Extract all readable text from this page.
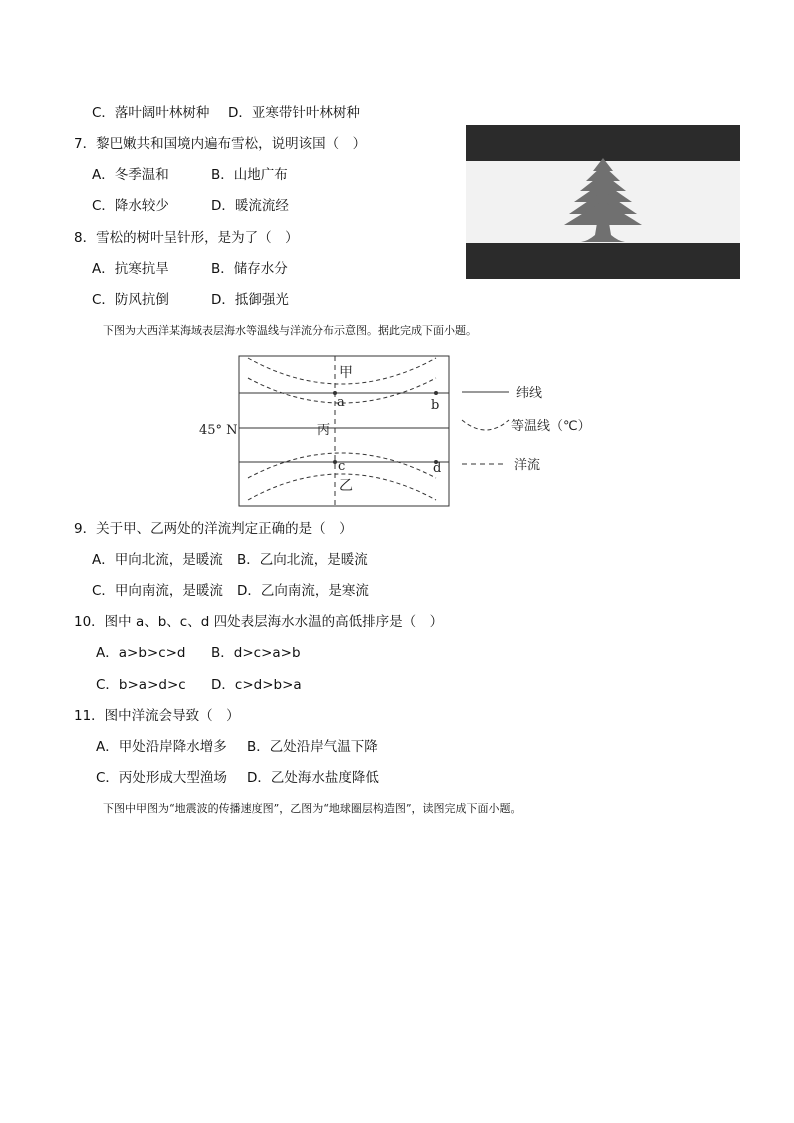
C．落叶阔叶林树种 D．亚寒带针叶林树种
7．黎巴嫩共和国境内遍布雪松，说明该国（　）
A．冬季温和	B．山地广布
C．降水较少	D．暖流流经
8．雪松的树叶呈针形，是为了（　）
A．抗寒抗旱	B．储存水分
C．防风抗倒	D．抵御强光
下图为大西洋某海域表层海水等温线与洋流分布示意图。据此完成下面小题。
45° N
甲
乙
丙
a	b
c	d
纬线
等温线（℃）
洋流
9．关于甲、乙两处的洋流判定正确的是（　）
A．甲向北流，是暖流 B．乙向北流，是暖流
C．甲向南流，是暖流 D．乙向南流，是寒流
10．图中 a、b、c、d 四处表层海水水温的高低排序是（　）
A．a>b>c>d B．d>c>a>b
C．b>a>d>c D．c>d>b>a
11．图中洋流会导致（　）
A．甲处沿岸降水增多 B．乙处沿岸气温下降
C．丙处形成大型渔场 D．乙处海水盐度降低
下图中甲图为“地震波的传播速度图”，乙图为“地球圈层构造图”，读图完成下面小题。
